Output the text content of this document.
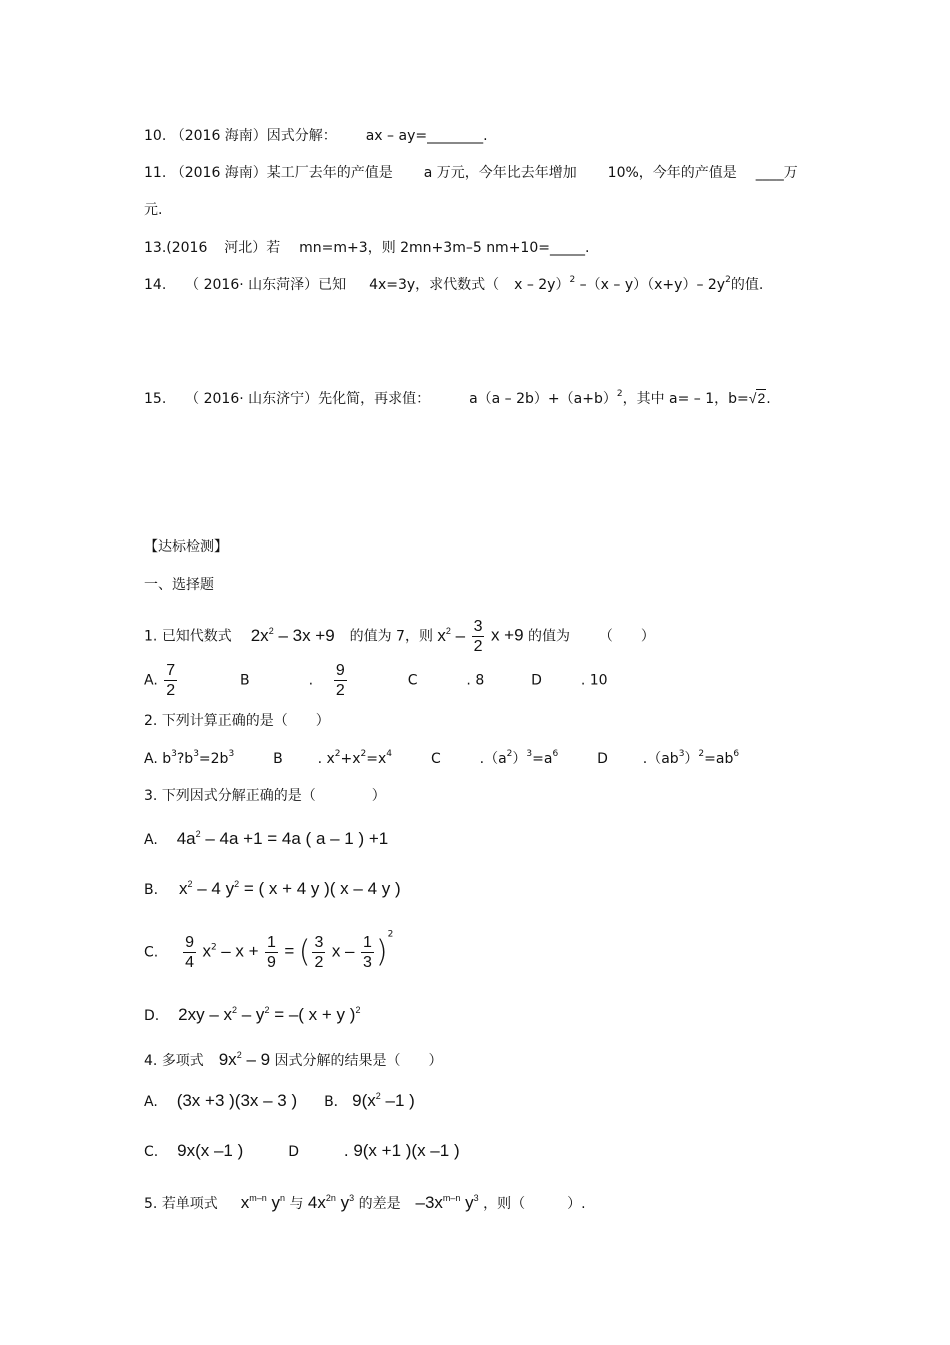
10. （2016 海南）因式分解： ax – ay=________.
11. （2016 海南）某工厂去年的产值是 a 万元，今年比去年增加 10%，今年的产值是 ____万
元.
13.(2016 河北）若 mn=m+3，则 2mn+3m–5 nm+10=_____.
14. （ 2016· 山东菏泽）已知 4x=3y，求代数式（ x – 2y）$^2$ –（x – y）（x+y）– $2y^2$的值.
15. （ 2016· 山东济宁）先化简，再求值：	$a(a - 2b)+(a+b)^2$，其中 a= – 1，b=√2.
【达标检测】
一、选择题
1. 已知代数式 $2x^2 - 3x +9$ 的值为 7，则 $x^2 - \frac{3}{2}$ x +9 的值为 （　　）
A. $\frac{7}{2}$	B	. $\frac{9}{2}$	C	. 8	D	. 10
2. 下列计算正确的是（　　）
A. $b^3?b^3=2b^3$	B . $x^2+x^2=x^4$	C	$.(a^2)^3=a^6$	D $.(ab^3)^2=ab^6$
3. 下列因式分解正确的是（　　　　）
A. $4a^2 - 4a +1 = 4a$ ( a – 1 ) +1
B. $x^2 - 4$ $y^2$ = ( x + 4 y )( x – 4 y )
C. $\frac{9}{4} x^2 - x + \frac{1}{9}$ = ( $\frac{3}{2}$ x – $\frac{1}{3} )^2$
D. $2xy - x^2 - y^2$ = –( x + y )$^2$
4. 多项式 $9x^2 - 9$ 因式分解的结果是（　　）
A. (3x +3 )(3x – 3 ) B． $9(x^2$ –1 )
C. 9x(x –1 )	D	. 9(x +1 )(x –1 )
5. 若单项式 $x^{m-n}$ $y^n$ 与 $4x^{2n}$ $y^3$ 的差是 $-3x^{m-n}$ $y^3$ ，则（　　　）.
